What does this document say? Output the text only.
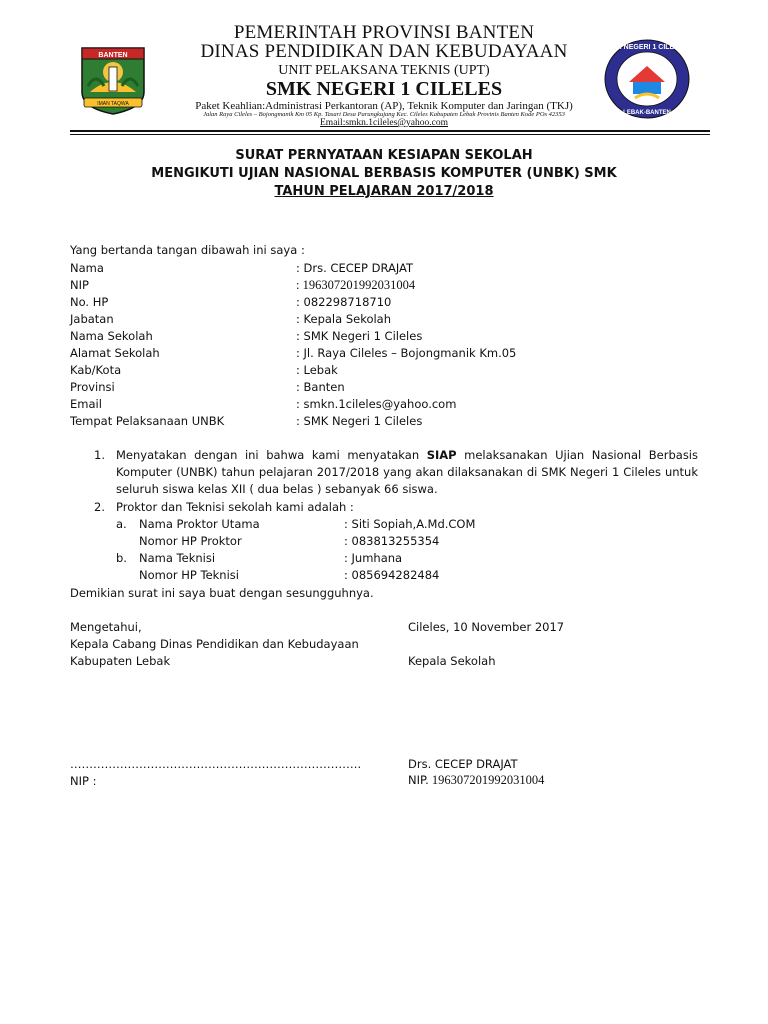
BANTEN
IMAN TAQWA
SMK NEGERI 1 CILELES
LEBAK-BANTEN
PEMERINTAH PROVINSI BANTEN
DINAS PENDIDIKAN DAN KEBUDAYAAN
UNIT PELAKSANA TEKNIS (UPT)
SMK NEGERI 1 CILELES
Paket Keahlian:Administrasi Perkantoran (AP), Teknik Komputer dan Jaringan (TKJ)
Jalan Raya Cileles – Bojongmanik Km 05 Kp. Tasari Desa Parungkujang Kec. Cileles Kabupaten Lebak Provinis Banten Kode POs 42353
Email:smkn.1cileles@yahoo.com
SURAT PERNYATAAN KESIAPAN SEKOLAH
MENGIKUTI UJIAN NASIONAL BERBASIS KOMPUTER (UNBK) SMK
TAHUN PELAJARAN 2017/2018
Yang bertanda tangan dibawah ini saya :
Nama	: Drs. CECEP DRAJAT
NIP	: 196307201992031004
No. HP	: 082298718710
Jabatan	: Kepala Sekolah
Nama Sekolah	: SMK Negeri 1 Cileles
Alamat Sekolah	: Jl. Raya Cileles – Bojongmanik Km.05
Kab/Kota	: Lebak
Provinsi	: Banten
Email	: smkn.1cileles@yahoo.com
Tempat Pelaksanaan UNBK	: SMK Negeri 1 Cileles
1. Menyatakan dengan ini bahwa kami menyatakan SIAP melaksanakan Ujian Nasional Berbasis Komputer (UNBK) tahun pelajaran 2017/2018 yang akan dilaksanakan di SMK Negeri 1 Cileles untuk seluruh siswa kelas XII ( dua belas ) sebanyak 66 siswa.
2. Proktor dan Teknisi sekolah kami adalah :
a. Nama Proktor Utama	: Siti Sopiah,A.Md.COM
Nomor HP Proktor	: 083813255354
b. Nama Teknisi	: Jumhana
Nomor HP Teknisi	: 085694282484
Demikian surat ini saya buat dengan sesungguhnya.
Mengetahui,
Kepala Cabang Dinas Pendidikan dan Kebudayaan
Kabupaten Lebak
………………………………………………………………….
NIP :
Cileles, 10 November 2017
Kepala Sekolah
Drs. CECEP DRAJAT
NIP. 196307201992031004
